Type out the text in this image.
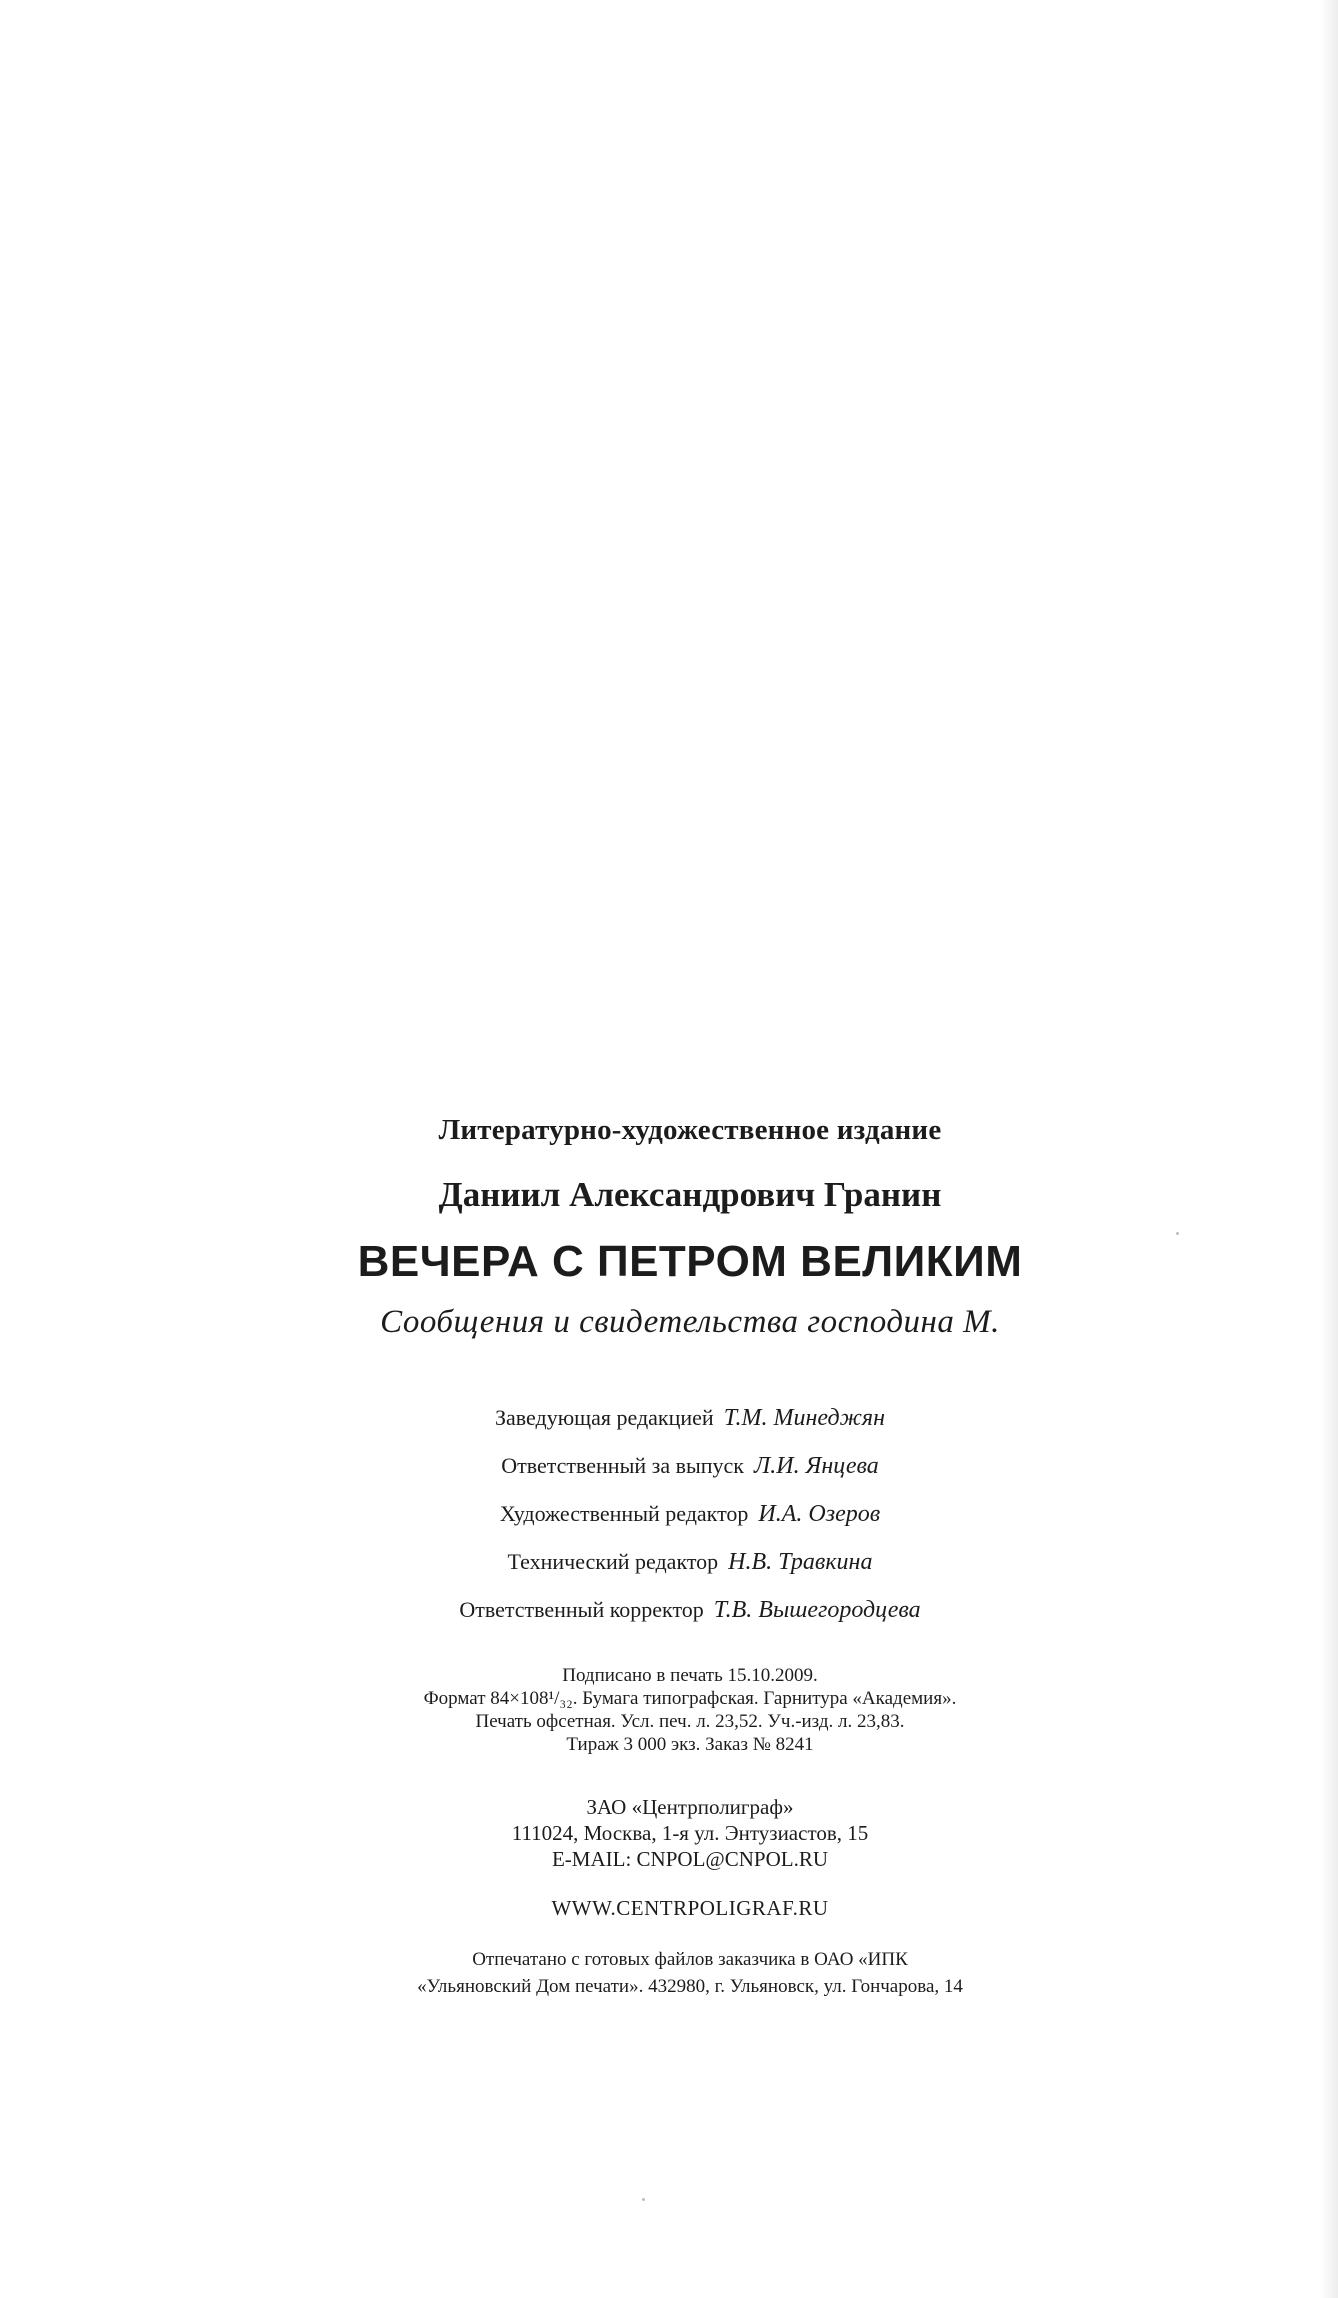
Литературно-художественное издание

Даниил Александрович Гранин

ВЕЧЕРА С ПЕТРОМ ВЕЛИКИМ

Сообщения и свидетельства господина М.

Заведующая редакцией Т.М. Минеджян
Ответственный за выпуск Л.И. Янцева
Художественный редактор И.А. Озеров
Технический редактор Н.В. Травкина
Ответственный корректор Т.В. Вышегородцева
Подписано в печать 15.10.2009.
Формат 84×108¹/₃₂. Бумага типографская. Гарнитура «Академия».
Печать офсетная. Усл. печ. л. 23,52. Уч.-изд. л. 23,83.
Тираж 3 000 экз. Заказ № 8241
ЗАО «Центрполиграф»
111024, Москва, 1-я ул. Энтузиастов, 15
E-MAIL: CNPOL@CNPOL.RU
WWW.CENTRPOLIGRAF.RU
Отпечатано с готовых файлов заказчика в ОАО «ИПК
«Ульяновский Дом печати». 432980, г. Ульяновск, ул. Гончарова, 14
